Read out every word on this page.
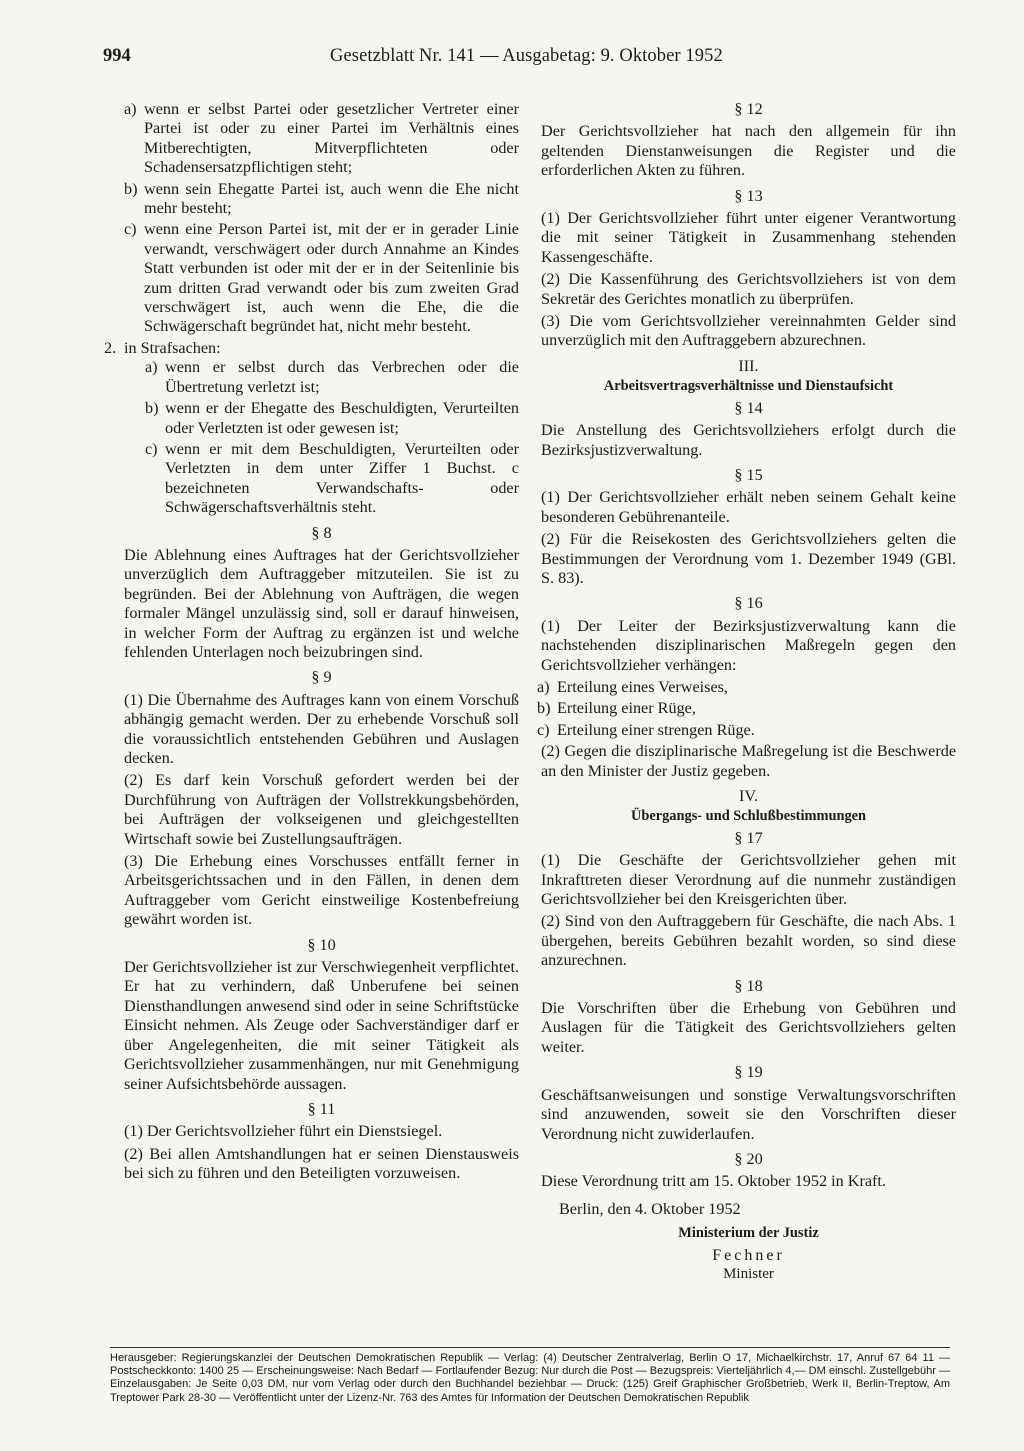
994	Gesetzblatt Nr. 141 — Ausgabetag: 9. Oktober 1952
a) wenn er selbst Partei oder gesetzlicher Vertreter einer Partei ist oder zu einer Partei im Verhältnis eines Mitberechtigten, Mitverpflichteten oder Schadensersatzpflichtigen steht;
b) wenn sein Ehegatte Partei ist, auch wenn die Ehe nicht mehr besteht;
c) wenn eine Person Partei ist, mit der er in gerader Linie verwandt, verschwägert oder durch Annahme an Kindes Statt verbunden ist oder mit der er in der Seitenlinie bis zum dritten Grad verwandt oder bis zum zweiten Grad verschwägert ist, auch wenn die Ehe, die die Schwägerschaft begründet hat, nicht mehr besteht.
2. in Strafsachen:
a) wenn er selbst durch das Verbrechen oder die Übertretung verletzt ist;
b) wenn er der Ehegatte des Beschuldigten, Verurteilten oder Verletzten ist oder gewesen ist;
c) wenn er mit dem Beschuldigten, Verurteilten oder Verletzten in dem unter Ziffer 1 Buchst. c bezeichneten Verwandschafts- oder Schwägerschaftsverhältnis steht.
§ 8

Die Ablehnung eines Auftrages hat der Gerichtsvollzieher unverzüglich dem Auftraggeber mitzuteilen. Sie ist zu begründen. Bei der Ablehnung von Aufträgen, die wegen formaler Mängel unzulässig sind, soll er darauf hinweisen, in welcher Form der Auftrag zu ergänzen ist und welche fehlenden Unterlagen noch beizubringen sind.

§ 9

(1) Die Übernahme des Auftrages kann von einem Vorschuß abhängig gemacht werden. Der zu erhebende Vorschuß soll die voraussichtlich entstehenden Gebühren und Auslagen decken.

(2) Es darf kein Vorschuß gefordert werden bei der Durchführung von Aufträgen der Vollstrekkungsbehörden, bei Aufträgen der volkseigenen und gleichgestellten Wirtschaft sowie bei Zustellungsaufträgen.

(3) Die Erhebung eines Vorschusses entfällt ferner in Arbeitsgerichtssachen und in den Fällen, in denen dem Auftraggeber vom Gericht einstweilige Kostenbefreiung gewährt worden ist.

§ 10

Der Gerichtsvollzieher ist zur Verschwiegenheit verpflichtet. Er hat zu verhindern, daß Unberufene bei seinen Diensthandlungen anwesend sind oder in seine Schriftstücke Einsicht nehmen. Als Zeuge oder Sachverständiger darf er über Angelegenheiten, die mit seiner Tätigkeit als Gerichtsvollzieher zusammenhängen, nur mit Genehmigung seiner Aufsichtsbehörde aussagen.

§ 11

(1) Der Gerichtsvollzieher führt ein Dienstsiegel.

(2) Bei allen Amtshandlungen hat er seinen Dienstausweis bei sich zu führen und den Beteiligten vorzuweisen.

§ 12

Der Gerichtsvollzieher hat nach den allgemein für ihn geltenden Dienstanweisungen die Register und die erforderlichen Akten zu führen.

§ 13

(1) Der Gerichtsvollzieher führt unter eigener Verantwortung die mit seiner Tätigkeit in Zusammenhang stehenden Kassengeschäfte.

(2) Die Kassenführung des Gerichtsvollziehers ist von dem Sekretär des Gerichtes monatlich zu überprüfen.

(3) Die vom Gerichtsvollzieher vereinnahmten Gelder sind unverzüglich mit den Auftraggebern abzurechnen.

III.
Arbeitsvertragsverhältnisse und Dienstaufsicht
§ 14

Die Anstellung des Gerichtsvollziehers erfolgt durch die Bezirksjustizverwaltung.

§ 15

(1) Der Gerichtsvollzieher erhält neben seinem Gehalt keine besonderen Gebührenanteile.

(2) Für die Reisekosten des Gerichtsvollziehers gelten die Bestimmungen der Verordnung vom 1. Dezember 1949 (GBl. S. 83).

§ 16

(1) Der Leiter der Bezirksjustizverwaltung kann die nachstehenden disziplinarischen Maßregeln gegen den Gerichtsvollzieher verhängen:

a) Erteilung eines Verweises,
b) Erteilung einer Rüge,
c) Erteilung einer strengen Rüge.

(2) Gegen die disziplinarische Maßregelung ist die Beschwerde an den Minister der Justiz gegeben.

IV.
Übergangs- und Schlußbestimmungen
§ 17

(1) Die Geschäfte der Gerichtsvollzieher gehen mit Inkrafttreten dieser Verordnung auf die nunmehr zuständigen Gerichtsvollzieher bei den Kreisgerichten über.

(2) Sind von den Auftraggebern für Geschäfte, die nach Abs. 1 übergehen, bereits Gebühren bezahlt worden, so sind diese anzurechnen.

§ 18

Die Vorschriften über die Erhebung von Gebühren und Auslagen für die Tätigkeit des Gerichtsvollziehers gelten weiter.

§ 19

Geschäftsanweisungen und sonstige Verwaltungsvorschriften sind anzuwenden, soweit sie den Vorschriften dieser Verordnung nicht zuwiderlaufen.

§ 20

Diese Verordnung tritt am 15. Oktober 1952 in Kraft.

Berlin, den 4. Oktober 1952

Ministerium der Justiz

Fechner

Minister

Herausgeber: Regierungskanzlei der Deutschen Demokratischen Republik — Verlag: (4) Deutscher Zentralverlag, Berlin O 17, Michaelkirchstr. 17, Anruf 67 64 11 — Postscheckkonto: 1400 25 — Erscheinungsweise: Nach Bedarf — Fortlaufender Bezug: Nur durch die Post — Bezugspreis: Vierteljährlich 4,— DM einschl. Zustellgebühr — Einzelausgaben: Je Seite 0,03 DM, nur vom Verlag oder durch den Buchhandel beziehbar — Druck: (125) Greif Graphischer Großbetrieb, Werk II, Berlin-Treptow, Am Treptower Park 28-30 — Veröffentlicht unter der Lizenz-Nr. 763 des Amtes für Information der Deutschen Demokratischen Republik
